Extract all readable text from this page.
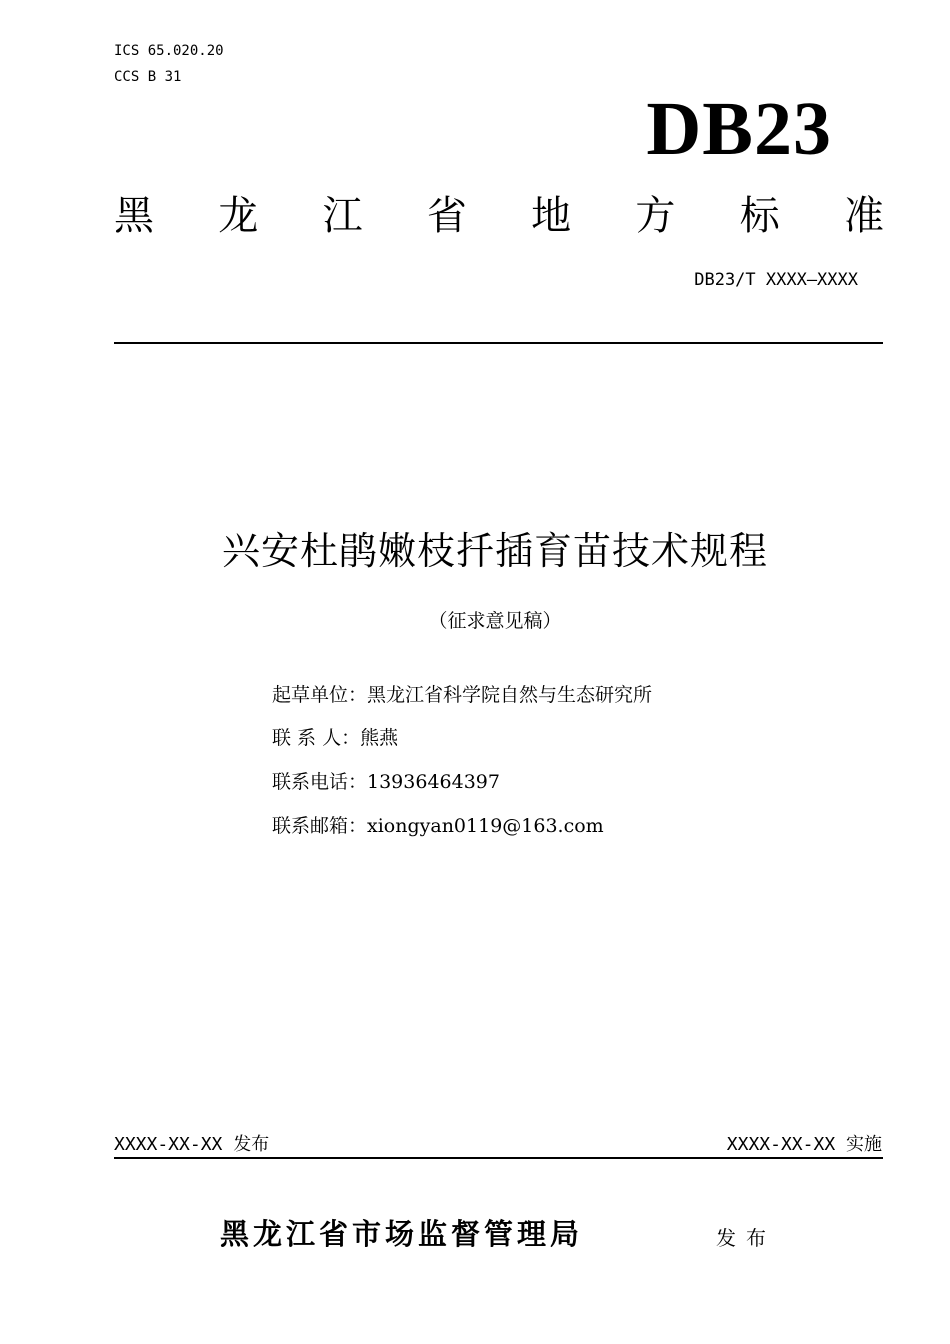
ICS 65.020.20
CCS B 31
DB23
黑 龙 江 省 地 方 标 准
DB23/T XXXX—XXXX
兴安杜鹃嫩枝扦插育苗技术规程
（征求意见稿）
起草单位：黑龙江省科学院自然与生态研究所
联 系 人：熊燕
联系电话：13936464397
联系邮箱：xiongyan0119@163.com
XXXX-XX-XX 发布	XXXX-XX-XX 实施
黑龙江省市场监督管理局	发布
